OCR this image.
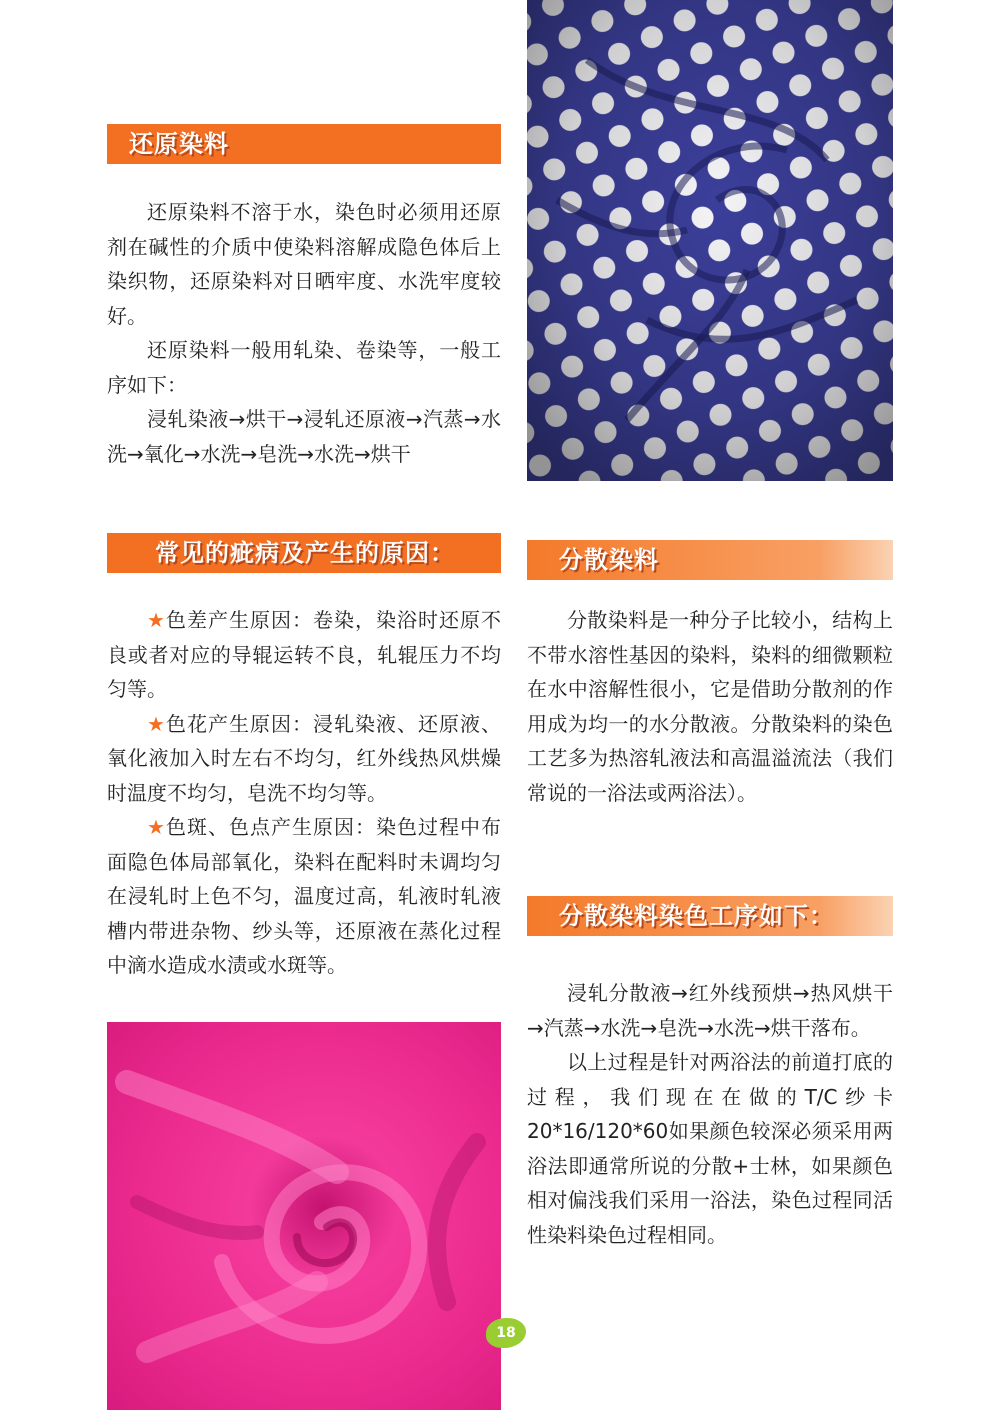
还原染料

还原染料不溶于水，染色时必须用还原剂在碱性的介质中使染料溶解成隐色体后上染织物，还原染料对日晒牢度、水洗牢度较好。

还原染料一般用轧染、卷染等，一般工序如下：

浸轧染液→烘干→浸轧还原液→汽蒸→水洗→氧化→水洗→皂洗→水洗→烘干

常见的疵病及产生的原因：

★色差产生原因：卷染，染浴时还原不良或者对应的导辊运转不良，轧辊压力不均匀等。

★色花产生原因：浸轧染液、还原液、氧化液加入时左右不均匀，红外线热风烘燥时温度不均匀，皂洗不均匀等。

★色斑、色点产生原因：染色过程中布面隐色体局部氧化，染料在配料时未调均匀在浸轧时上色不匀，温度过高，轧液时轧液槽内带进杂物、纱头等，还原液在蒸化过程中滴水造成水渍或水斑等。

分散染料

分散染料是一种分子比较小，结构上不带水溶性基因的染料，染料的细微颗粒在水中溶解性很小，它是借助分散剂的作用成为均一的水分散液。分散染料的染色工艺多为热溶轧液法和高温溢流法（我们常说的一浴法或两浴法）。

分散染料染色工序如下：

浸轧分散液→红外线预烘→热风烘干→汽蒸→水洗→皂洗→水洗→烘干落布。

以上过程是针对两浴法的前道打底的过程，我们现在在做的T/C纱卡20*16/120*60如果颜色较深必须采用两浴法即通常所说的分散+士林，如果颜色相对偏浅我们采用一浴法，染色过程同活性染料染色过程相同。

18
